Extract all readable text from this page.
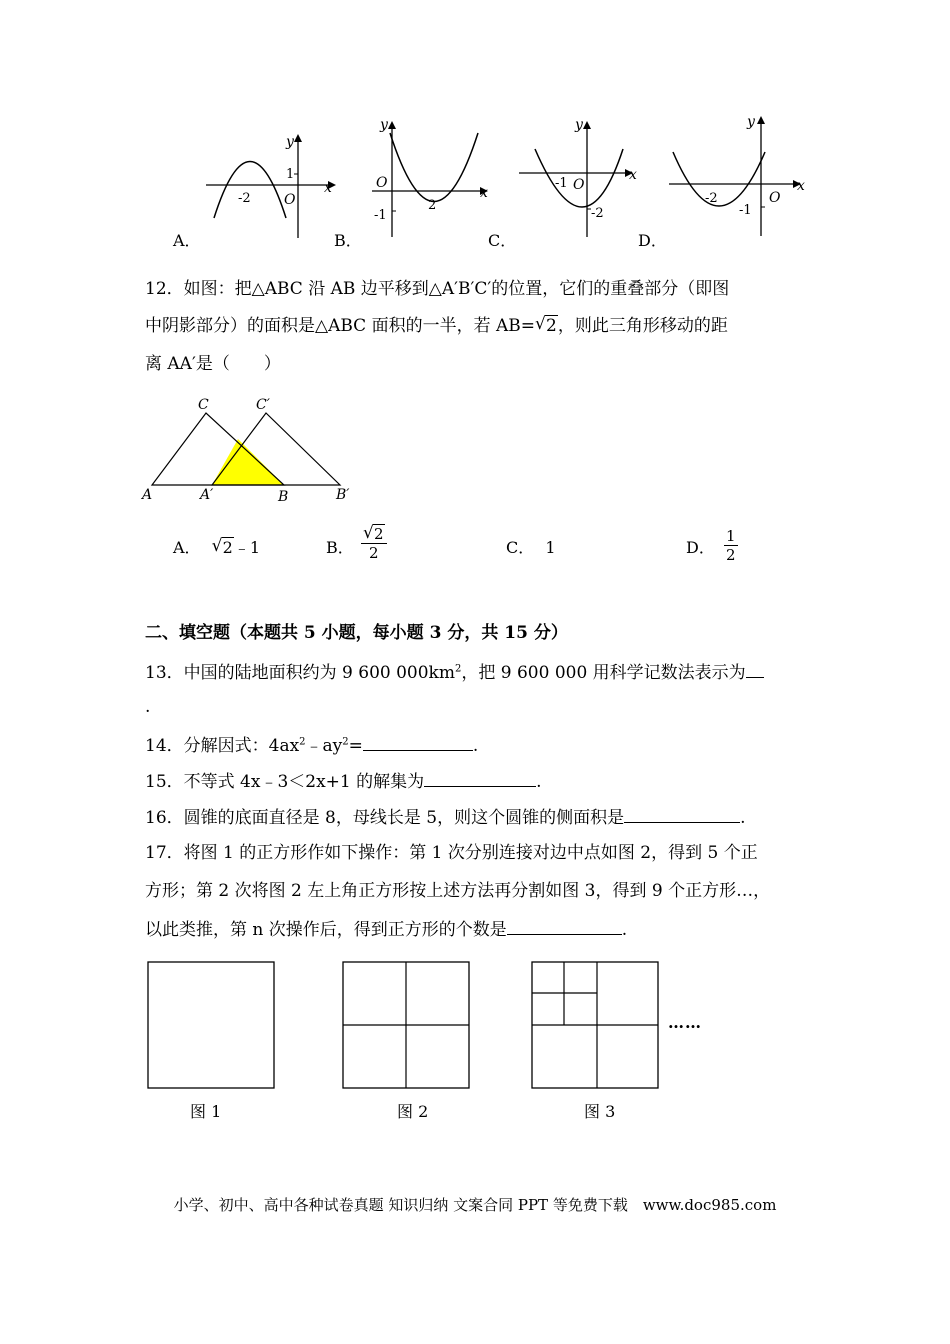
y
x
O
1
-2
A．
y
x
O
-1
2
B．
y
x
O
-2
-1
C．
y
x
O
-1
-2
D．
12．如图：把△ABC 沿 AB 边平移到△A′B′C′的位置，它们的重叠部分（即图
中阴影部分）的面积是△ABC 面积的一半，若 AB= √ 2，则此三角形移动的距
离 AA′是（　　）
C	C′
A	A′	B	B′
A． √ 2﹣1	B． √ $\frac{2}{2}$	C． 1	D． $\frac{1}{2}$
二、填空题（本题共 5 小题，每小题 3 分，共 15 分）
13．中国的陆地面积约为 9 600 $000km^2$，把 9 600 000 用科学记数法表示为
.
14．分解因式：$4ax^2﹣ay^2=$	.
15．不等式 4x﹣3＜2x+1 的解集为	.
16．圆锥的底面直径是 8，母线长是 5，则这个圆锥的侧面积是	.
17．将图 1 的正方形作如下操作：第 1 次分别连接对边中点如图 2，得到 5 个正
方形；第 2 次将图 2 左上角正方形按上述方法再分割如图 3，得到 9 个正方形…，
以此类推，第 n 次操作后，得到正方形的个数是	.
图 1	图 2	图 3
……
小学、初中、高中各种试卷真题 知识归纳 文案合同 PPT 等免费下载　www.doc985.com
